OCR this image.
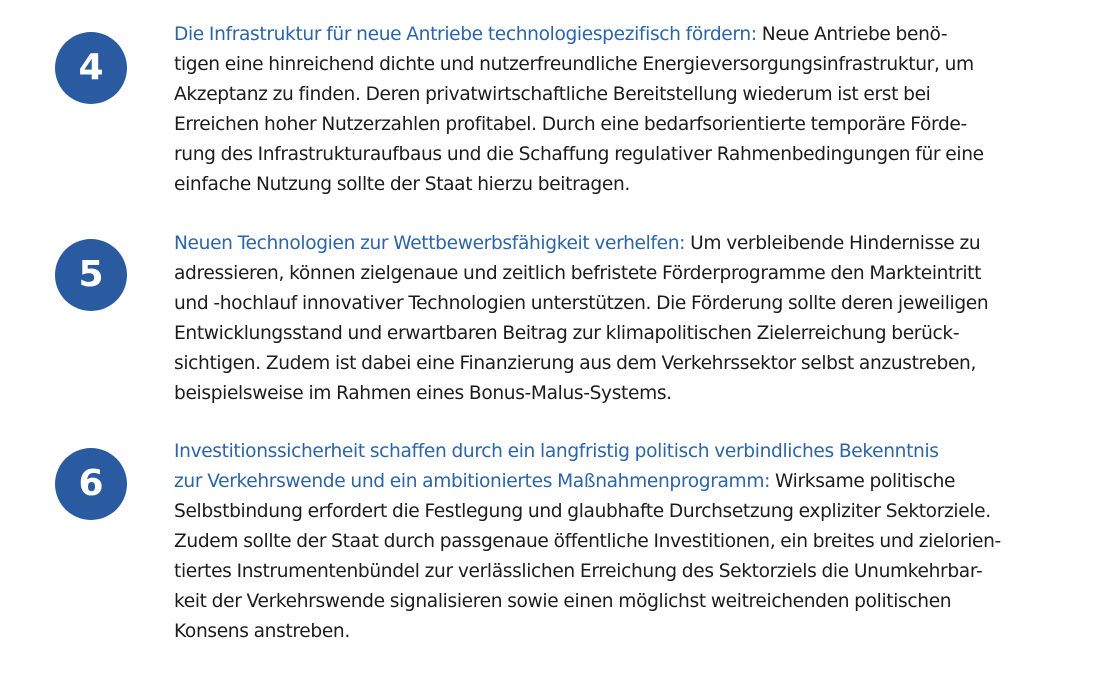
4
Die Infrastruktur für neue Antriebe technologiespezifisch fördern: Neue Antriebe benö-
tigen eine hinreichend dichte und nutzerfreundliche Energieversorgungsinfrastruktur, um
Akzeptanz zu finden. Deren privatwirtschaftliche Bereitstellung wiederum ist erst bei
Erreichen hoher Nutzerzahlen profitabel. Durch eine bedarfsorientierte temporäre Förde-
rung des Infrastrukturaufbaus und die Schaffung regulativer Rahmenbedingungen für eine
einfache Nutzung sollte der Staat hierzu beitragen.
5
Neuen Technologien zur Wettbewerbsfähigkeit verhelfen: Um verbleibende Hindernisse zu
adressieren, können zielgenaue und zeitlich befristete Förderprogramme den Markteintritt
und -hochlauf innovativer Technologien unterstützen. Die Förderung sollte deren jeweiligen
Entwicklungsstand und erwartbaren Beitrag zur klimapolitischen Zielerreichung berück-
sichtigen. Zudem ist dabei eine Finanzierung aus dem Verkehrssektor selbst anzustreben,
beispielsweise im Rahmen eines Bonus-Malus-Systems.
6
Investitionssicherheit schaffen durch ein langfristig politisch verbindliches Bekenntnis
zur Verkehrswende und ein ambitioniertes Maßnahmenprogramm: Wirksame politische
Selbstbindung erfordert die Festlegung und glaubhafte Durchsetzung expliziter Sektorziele.
Zudem sollte der Staat durch passgenaue öffentliche Investitionen, ein breites und zielorien-
tiertes Instrumentenbündel zur verlässlichen Erreichung des Sektorziels die Unumkehrbar-
keit der Verkehrswende signalisieren sowie einen möglichst weitreichenden politischen
Konsens anstreben.
